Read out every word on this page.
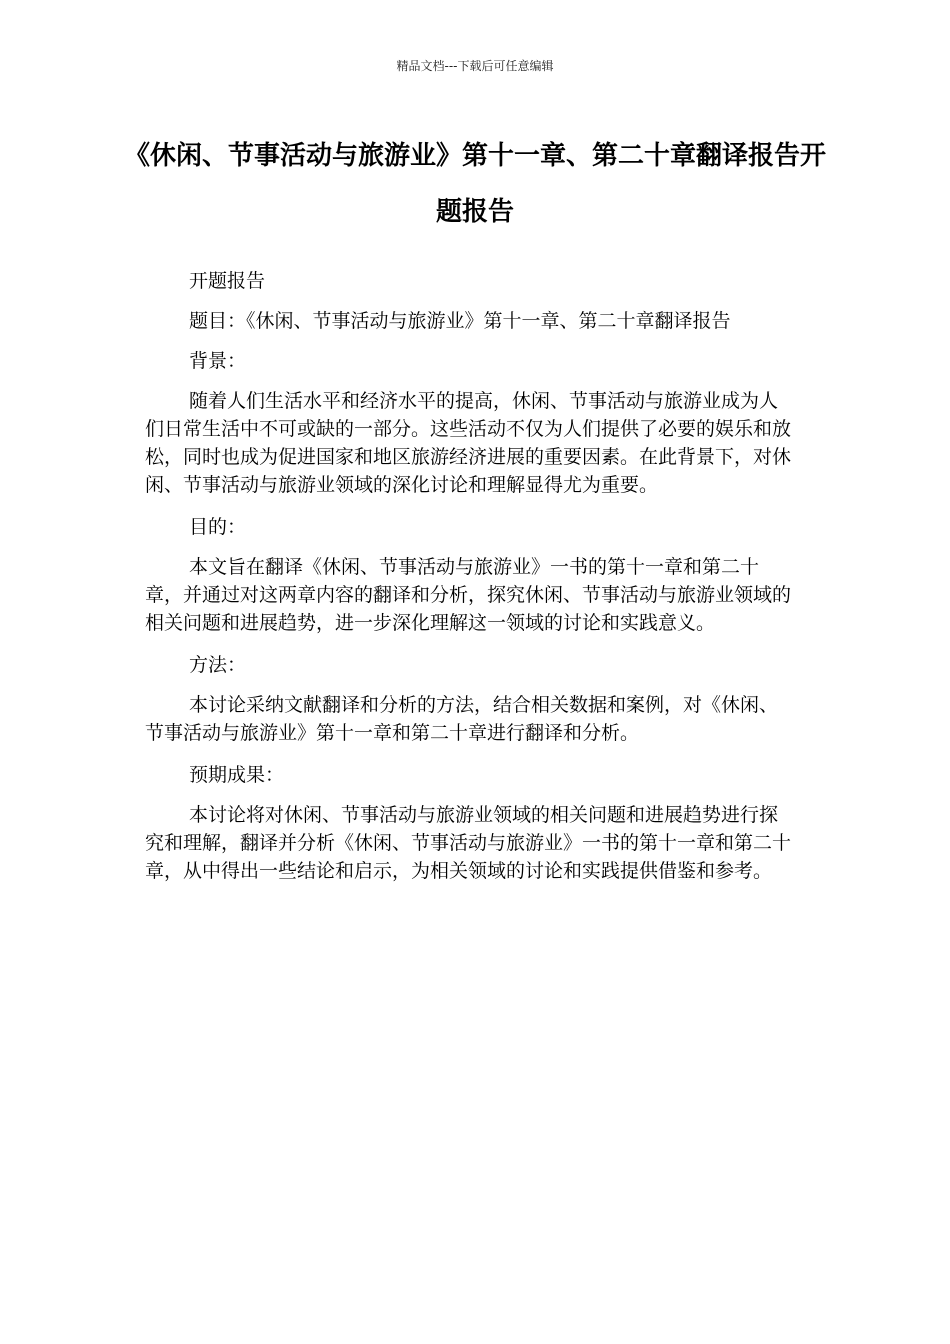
精品文档---下载后可任意编辑
《休闲、节事活动与旅游业》第十一章、第二十章翻译报告开题报告

开题报告

题目：《休闲、节事活动与旅游业》第十一章、第二十章翻译报告

背景：

随着人们生活水平和经济水平的提高，休闲、节事活动与旅游业成为人们日常生活中不可或缺的一部分。这些活动不仅为人们提供了必要的娱乐和放松，同时也成为促进国家和地区旅游经济进展的重要因素。在此背景下，对休闲、节事活动与旅游业领域的深化讨论和理解显得尤为重要。

目的：

本文旨在翻译《休闲、节事活动与旅游业》一书的第十一章和第二十章，并通过对这两章内容的翻译和分析，探究休闲、节事活动与旅游业领域的相关问题和进展趋势，进一步深化理解这一领域的讨论和实践意义。

方法：

本讨论采纳文献翻译和分析的方法，结合相关数据和案例，对《休闲、节事活动与旅游业》第十一章和第二十章进行翻译和分析。

预期成果：

本讨论将对休闲、节事活动与旅游业领域的相关问题和进展趋势进行探究和理解，翻译并分析《休闲、节事活动与旅游业》一书的第十一章和第二十章，从中得出一些结论和启示，为相关领域的讨论和实践提供借鉴和参考。
